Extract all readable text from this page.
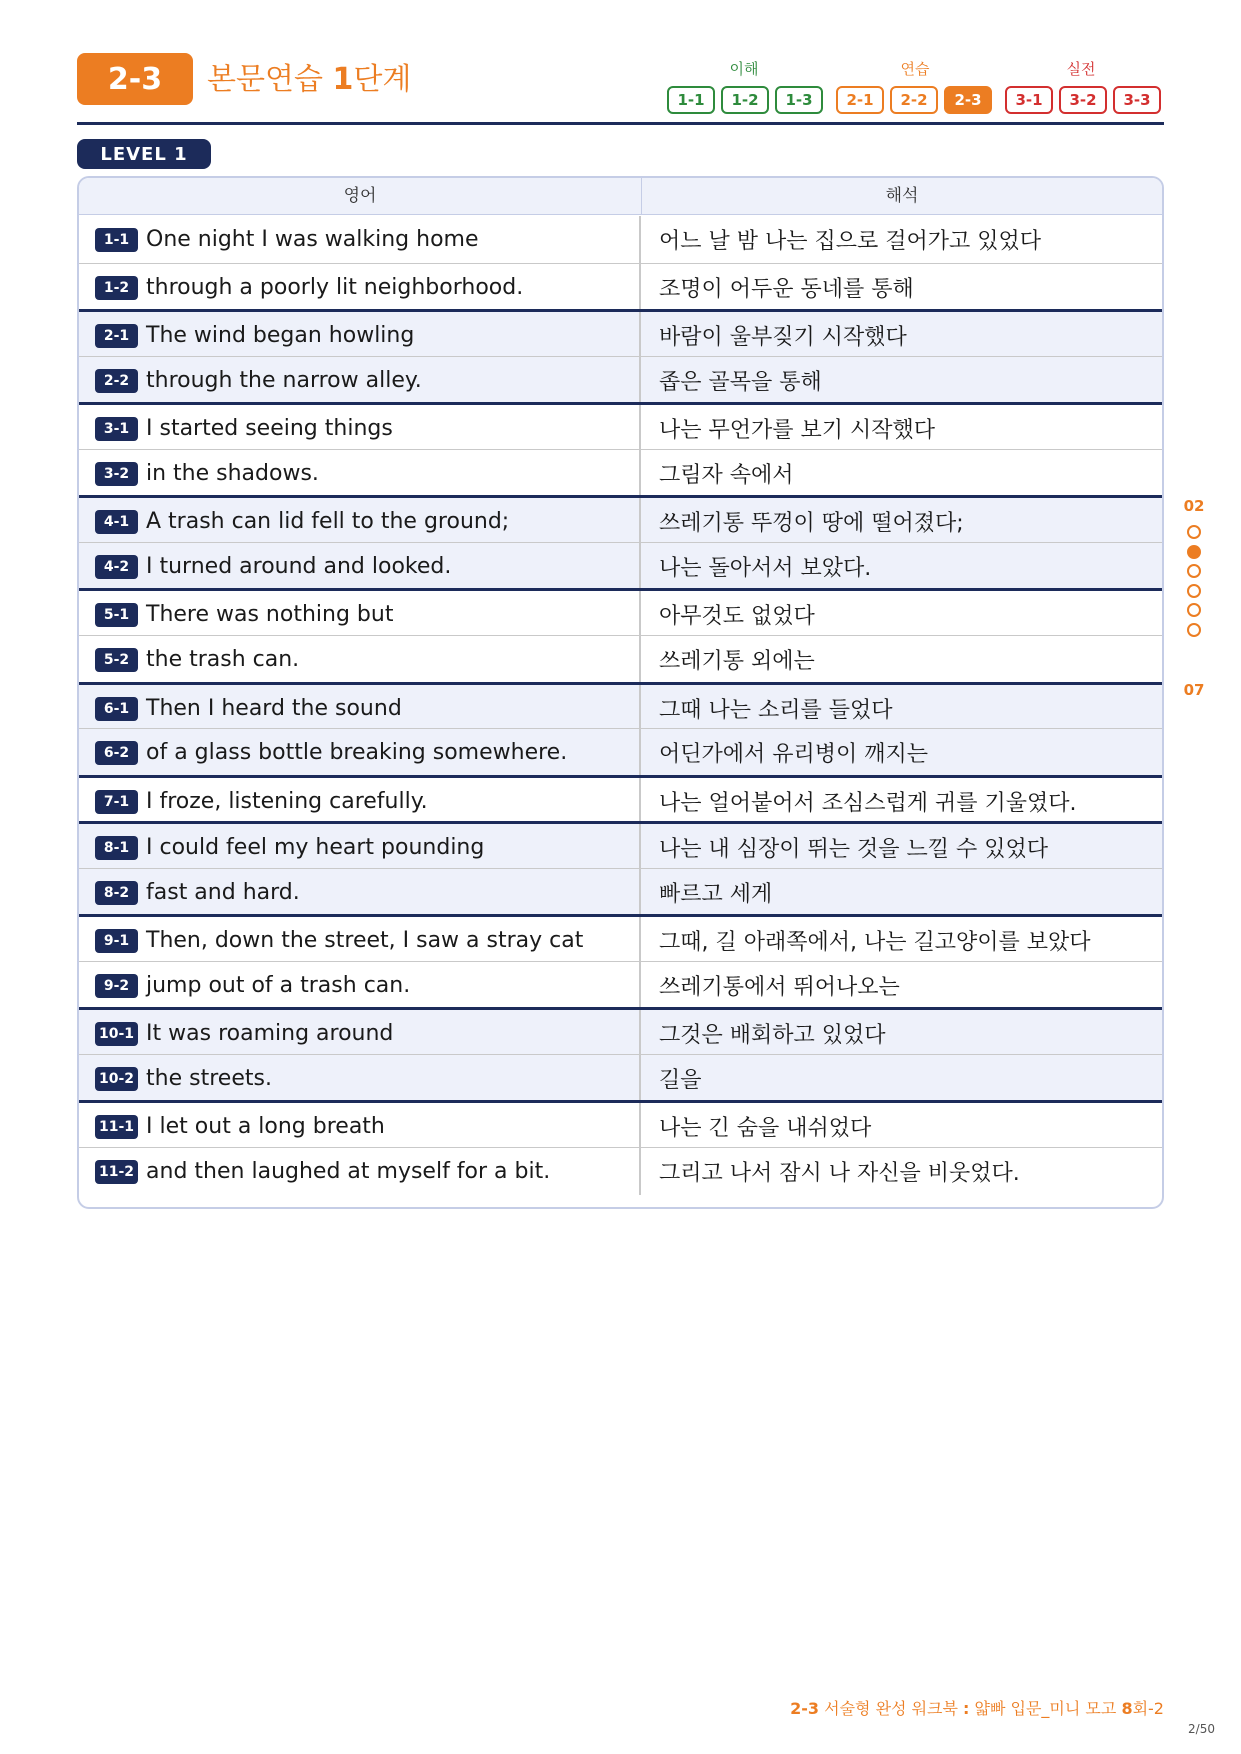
2-3	본문연습 1단계	이해	연습	실전
1-1	1-2	1-3	2-1	2-2	2-3	3-1	3-2	3-3
LEVEL 1
영어	해석
1-1 One night I was walking home	어느 날 밤 나는 집으로 걸어가고 있었다
1-2 through a poorly lit neighborhood.	조명이 어두운 동네를 통해
2-1 The wind began howling	바람이 울부짖기 시작했다
2-2 through the narrow alley.	좁은 골목을 통해
3-1 I started seeing things	나는 무언가를 보기 시작했다
3-2 in the shadows.	그림자 속에서
4-1 A trash can lid fell to the ground;	쓰레기통 뚜껑이 땅에 떨어졌다;
4-2 I turned around and looked.	나는 돌아서서 보았다.
5-1 There was nothing but	아무것도 없었다
5-2 the trash can.	쓰레기통 외에는
6-1 Then I heard the sound	그때 나는 소리를 들었다
6-2 of a glass bottle breaking somewhere.	어딘가에서 유리병이 깨지는
7-1 I froze, listening carefully.	나는 얼어붙어서 조심스럽게 귀를 기울였다.
8-1 I could feel my heart pounding	나는 내 심장이 뛰는 것을 느낄 수 있었다
8-2 fast and hard.	빠르고 세게
9-1 Then, down the street, I saw a stray cat	그때, 길 아래쪽에서, 나는 길고양이를 보았다
9-2 jump out of a trash can.	쓰레기통에서 뛰어나오는
10-1 It was roaming around	그것은 배회하고 있었다
10-2 the streets.	길을
11-1 I let out a long breath	나는 긴 숨을 내쉬었다
11-2 and then laughed at myself for a bit.	그리고 나서 잠시 나 자신을 비웃었다.
02
07
2-3 서술형 완성 워크북 : 얇빠 입문_미니 모고 8회-2
2/50
